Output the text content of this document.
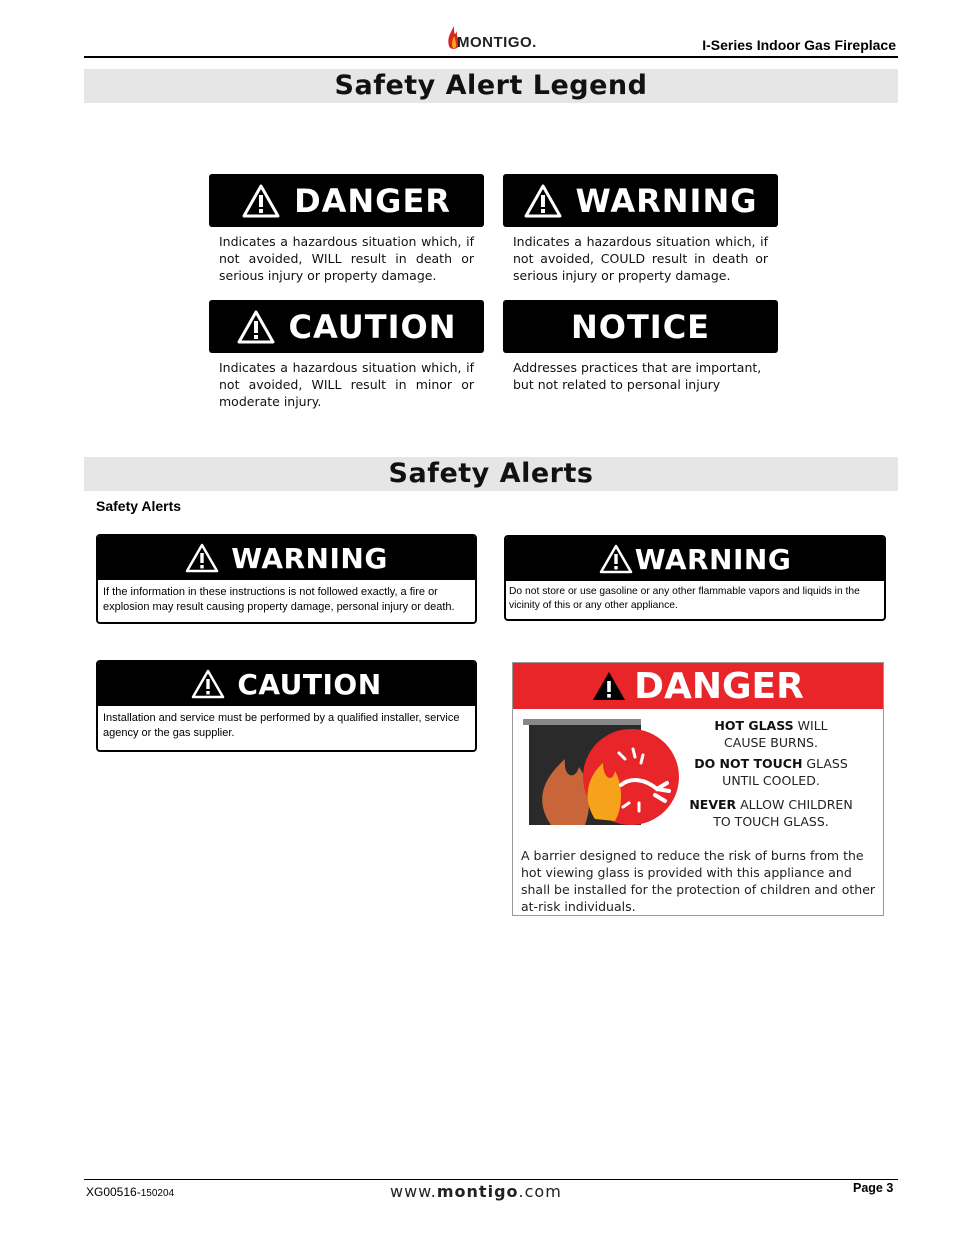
MONTIGO.	I-Series Indoor Gas Fireplace
Safety Alert Legend
DANGER
Indicates a hazardous situation which, if not avoided, WILL result in death or serious injury or property damage.
WARNING
Indicates a hazardous situation which, if not avoided, COULD result in death or serious injury or property damage.
CAUTION
Indicates a hazardous situation which, if not avoided, WILL result in minor or moderate injury.
NOTICE
Addresses practices that are important, but not related to personal injury
Safety Alerts
Safety Alerts
WARNING
If the information in these instructions is not followed exactly, a fire or explosion may result causing property damage, personal injury or death.
WARNING
Do not store or use gasoline or any other flammable vapors and liquids in the vicinity of this or any other appliance.
CAUTION
Installation and service must be performed by a qualified installer, service agency or the gas supplier.
DANGER
HOT GLASS WILL
CAUSE BURNS.
DO NOT TOUCH GLASS
UNTIL COOLED.
NEVER ALLOW CHILDREN
TO TOUCH GLASS.
A barrier designed to reduce the risk of burns from the hot viewing glass is provided with this appliance and shall be installed for the protection of children and other at-risk individuals.
XG00516-150204	www.montigo.com	Page 3
